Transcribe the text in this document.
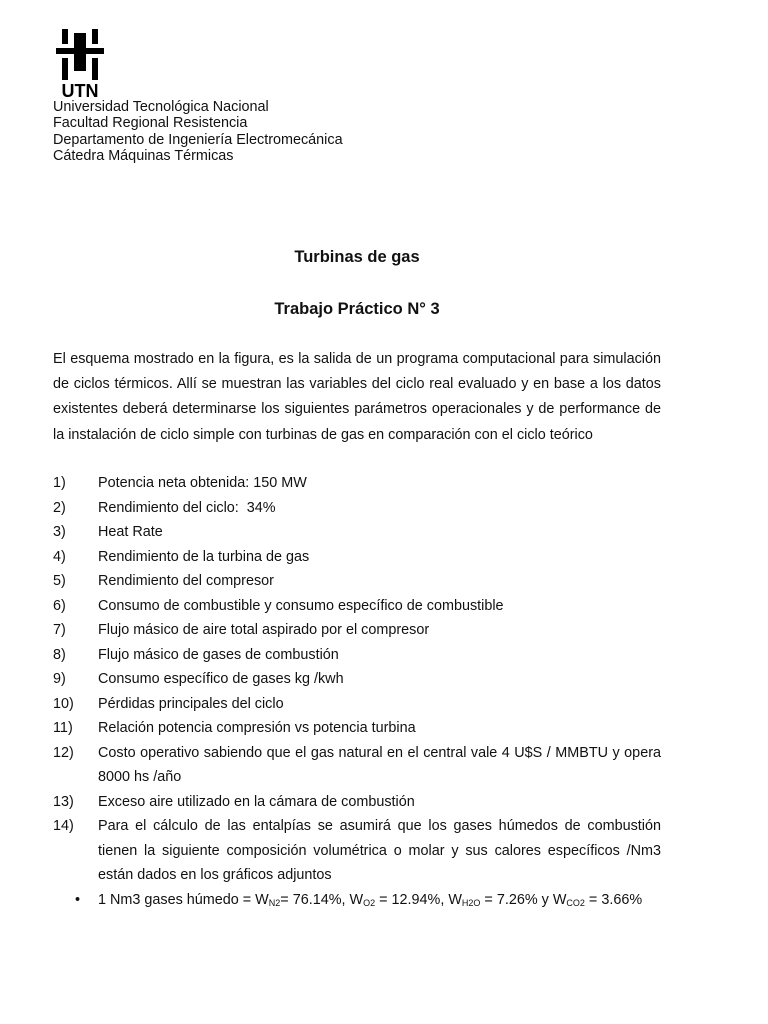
UTN
Universidad Tecnológica Nacional
Facultad Regional Resistencia
Departamento de Ingeniería Electromecánica
Cátedra Máquinas Térmicas
Turbinas de gas
Trabajo Práctico N° 3
El esquema mostrado en la figura, es la salida de un programa computacional para simulación de ciclos térmicos. Allí se muestran las variables del ciclo real evaluado y en base a los datos existentes deberá determinarse los siguientes parámetros operacionales y de performance de la instalación de ciclo simple con turbinas de gas en comparación con el ciclo teórico
1)	Potencia neta obtenida: 150 MW
2)	Rendimiento del ciclo:  34%
3)	Heat Rate
4)	Rendimiento de la turbina de gas
5)	Rendimiento del compresor
6)	Consumo de combustible y consumo específico de combustible
7)	Flujo másico de aire total aspirado por el compresor
8)	Flujo másico de gases de combustión
9)	Consumo específico de gases kg /kwh
10)	Pérdidas principales del ciclo
11)	Relación potencia compresión vs potencia turbina
12)	Costo operativo sabiendo que el gas natural en el central vale 4 U$S / MMBTU y opera 8000 hs /año
13)	Exceso aire utilizado en la cámara de combustión
14)	Para el cálculo de las entalpías se asumirá que los gases húmedos de combustión tienen la siguiente composición volumétrica o molar y sus calores específicos /Nm3 están dados en los gráficos adjuntos
• 1 Nm3 gases húmedo = $W_{N2}= 76.14\%$, $W_{O2} = 12.94\%$, $W_{H2O} = 7.26\%$ y $W_{CO2} = 3.66\%$
